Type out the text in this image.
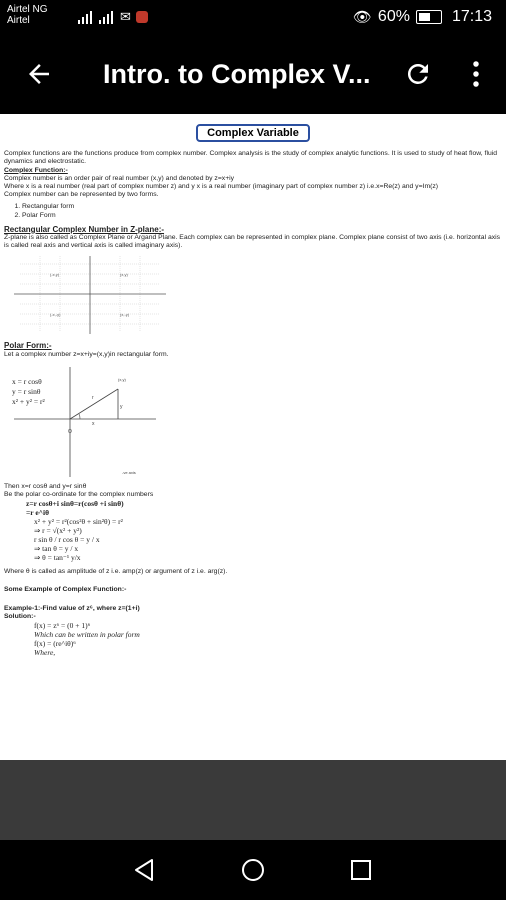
Airtel NG
Airtel	✉	👁 60%	17:13
Intro. to Complex V...
Complex Variable

Complex functions are the functions produce from complex number. Complex analysis is the study of complex analytic functions. It is used to study of heat flow, fluid dynamics and electrostatic.

Complex Function:-

Complex number is an order pair of real number (x,y) and denoted by z=x+iy

Where x is a real number (real part of complex number z) and y x is a real number (imaginary part of complex number z) i.e.x=Re(z) and y=Im(z)

Complex number can be represented by two forms.

1. Rectangular form
2. Polar Form

Rectangular Complex Number in Z-plane:-

Z-plane is also called as Complex Plane or Argand Plane. Each complex can be represented in complex plane. Complex plane consist of two axis (i.e. horizontal axis is called real axis and vertical axis is called imaginary axis).

(-x,y)	(x,y)
(-x,-y)	(x,-y)

Polar Form:-

Let a complex number z=x+iy=(x,y)in rectangular form.

O
(x,y)
y
x
r
-ve axis
x = r cosθ
y = r sinθ
x² + y² = r²

Then x=r cosθ and y=r sinθ

Be the polar co-ordinate for the complex numbers

z=r cosθ+i sinθ=r(cosθ +i sinθ)
=r e^iθ
x² + y² = r²(cos²θ + sin²θ) = r²
⇒ r = √(x² + y²)
r sin θ / r cos θ = y / x
⇒ tan θ = y / x
⇒ θ = tan⁻¹ y/x

Where θ is called as amplitude of z i.e. amp(z) or argument of z i.e. arg(z).

Some Example of Complex Function:-

Example-1:-Find value of z⁶, where z=(1+i)

Solution:-

f(x) = z⁶ = (0 + 1)⁶
Which can be written in polar form
f(x) = (re^iθ)⁶
Where,
